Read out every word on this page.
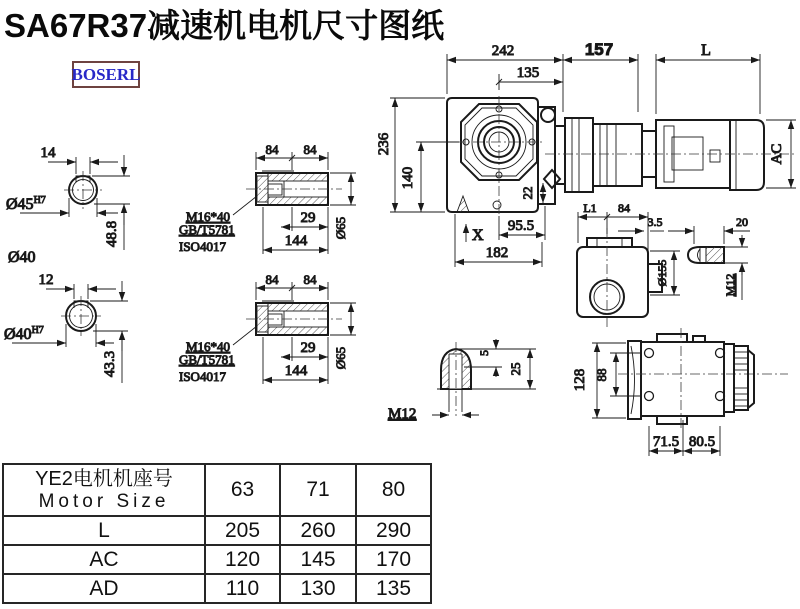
SA67R37减速机电机尺寸图纸
BOSERL
14
$Ø45^{H7}$
48.8
Ø40
12
$Ø40^{H7}$
43.3
84 84
M16*40
GB/T5781
ISO4017
29
144
Ø65
242
135
157	L
236
140
22
95.5
182
X
AC
L1 84
3.5
Ø155
20
M12
5
25
M12
128 88
71.5 80.5
YE2电机机座号
Motor Size	63	71	80
L	205	260	290
AC	120	145	170
AD	110	130	135
